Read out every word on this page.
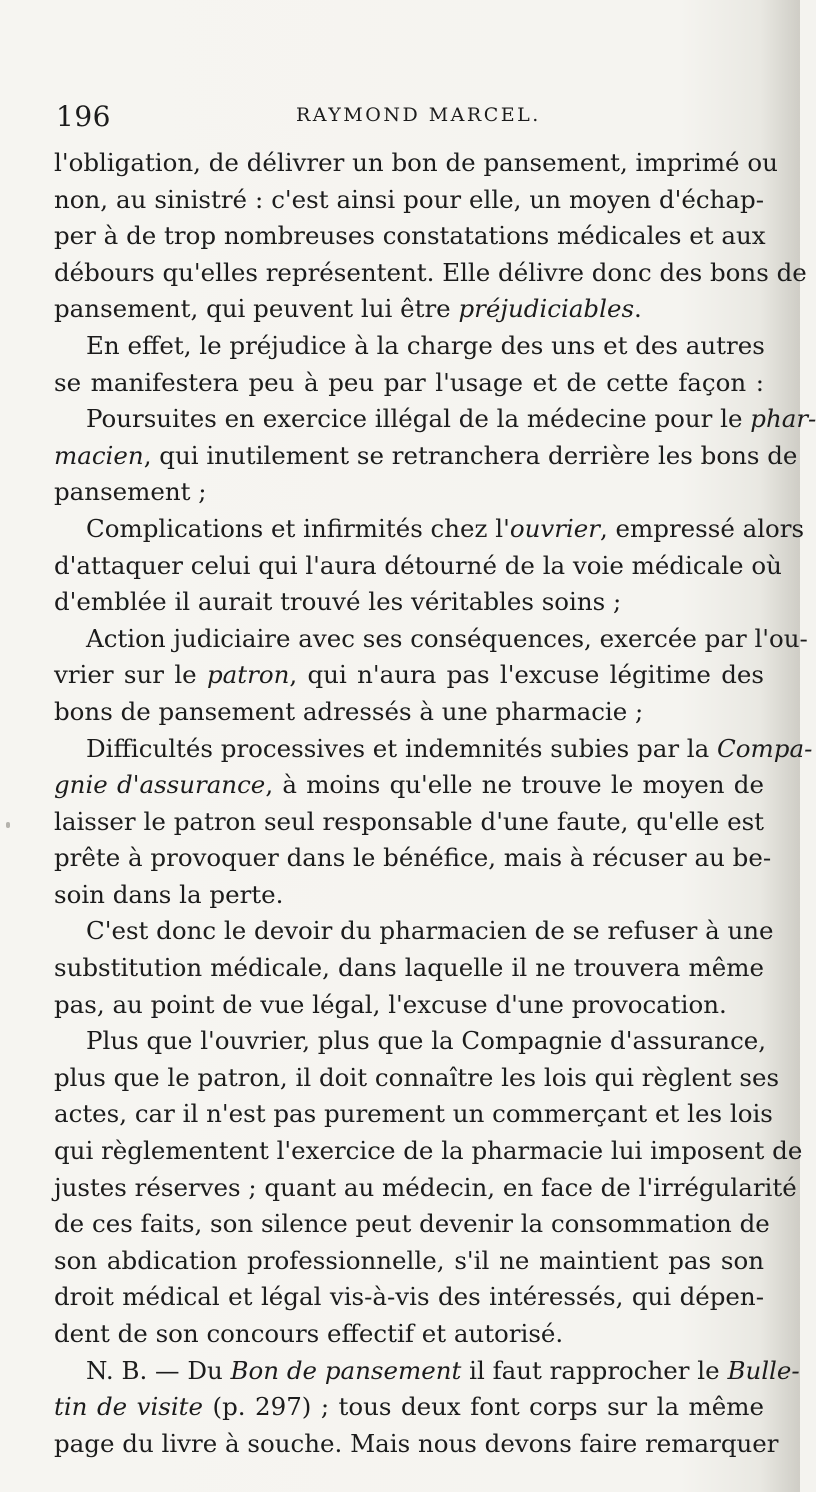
196	RAYMOND MARCEL.
l'obligation, de délivrer un bon de pansement, imprimé ou
non, au sinistré : c'est ainsi pour elle, un moyen d'échap-
per à de trop nombreuses constatations médicales et aux
débours qu'elles représentent. Elle délivre donc des bons de
pansement, qui peuvent lui être préjudiciables.
En effet, le préjudice à la charge des uns et des autres
se manifestera peu à peu par l'usage et de cette façon :
Poursuites en exercice illégal de la médecine pour le phar-
macien, qui inutilement se retranchera derrière les bons de
pansement ;
Complications et infirmités chez l'ouvrier, empressé alors
d'attaquer celui qui l'aura détourné de la voie médicale où
d'emblée il aurait trouvé les véritables soins ;
Action judiciaire avec ses conséquences, exercée par l'ou-
vrier sur le patron, qui n'aura pas l'excuse légitime des
bons de pansement adressés à une pharmacie ;
Difficultés processives et indemnités subies par la Compa-
gnie d'assurance, à moins qu'elle ne trouve le moyen de
laisser le patron seul responsable d'une faute, qu'elle est
prête à provoquer dans le bénéfice, mais à récuser au be-
soin dans la perte.
C'est donc le devoir du pharmacien de se refuser à une
substitution médicale, dans laquelle il ne trouvera même
pas, au point de vue légal, l'excuse d'une provocation.
Plus que l'ouvrier, plus que la Compagnie d'assurance,
plus que le patron, il doit connaître les lois qui règlent ses
actes, car il n'est pas purement un commerçant et les lois
qui règlementent l'exercice de la pharmacie lui imposent de
justes réserves ; quant au médecin, en face de l'irrégularité
de ces faits, son silence peut devenir la consommation de
son abdication professionnelle, s'il ne maintient pas son
droit médical et légal vis-à-vis des intéressés, qui dépen-
dent de son concours effectif et autorisé.
N. B. — Du Bon de pansement il faut rapprocher le Bulle-
tin de visite (p. 297) ; tous deux font corps sur la même
page du livre à souche. Mais nous devons faire remarquer
